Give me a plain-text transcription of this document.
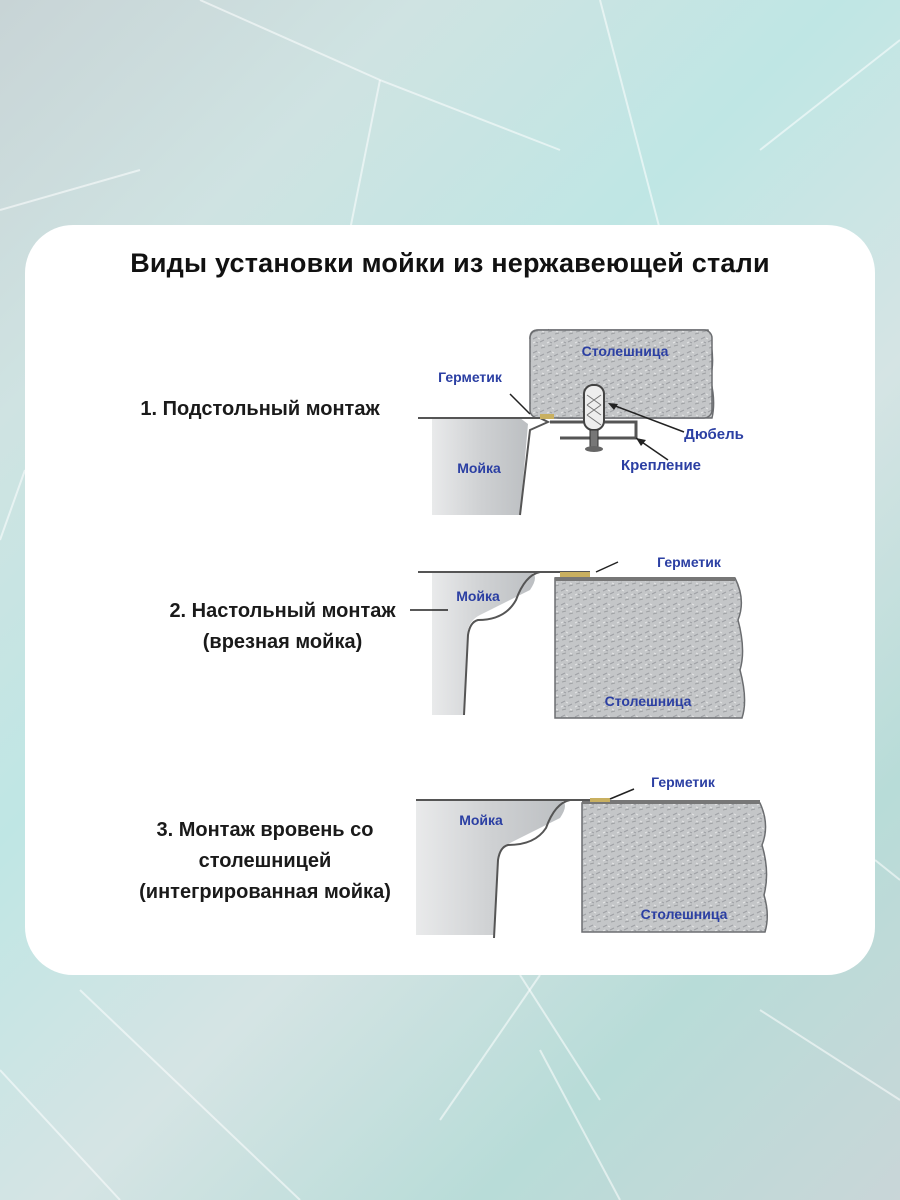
Виды установки мойки из нержавеющей стали
1. Подстольный монтаж
2. Настольный монтаж
(врезная мойка)
3. Монтаж вровень со
столешницей
(интегрированная мойка)
Столешница
Герметик
Дюбель
Крепление
Мойка
Герметик
Мойка
Столешница
Герметик
Мойка
Столешница
